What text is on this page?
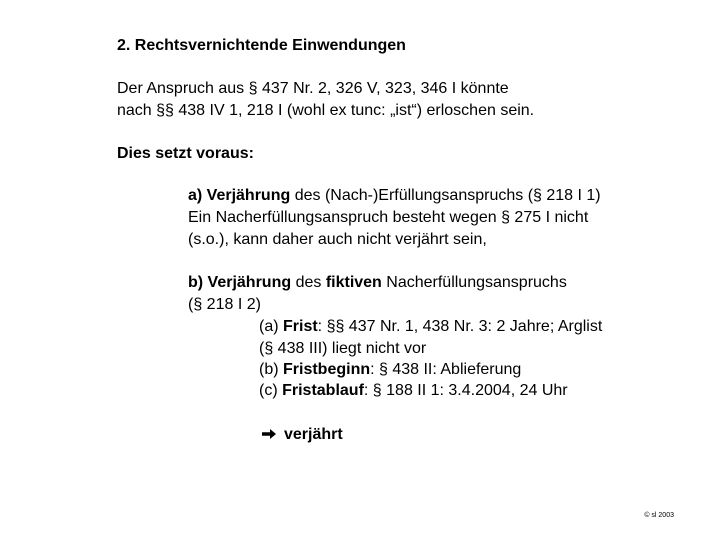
2. Rechtsvernichtende Einwendungen
Der Anspruch aus § 437 Nr. 2, 326 V, 323, 346 I könnte
nach §§ 438 IV 1, 218 I (wohl ex tunc: „ist“) erloschen sein.
Dies setzt voraus:
a) Verjährung des (Nach-)Erfüllungsanspruchs (§ 218 I 1)
Ein Nacherfüllungsanspruch besteht wegen § 275 I nicht
(s.o.), kann daher auch nicht verjährt sein,
b) Verjährung des fiktiven Nacherfüllungsanspruchs
(§ 218 I 2)
(a) Frist: §§ 437 Nr. 1, 438 Nr. 3: 2 Jahre; Arglist
(§ 438 III) liegt nicht vor
(b) Fristbeginn: § 438 II: Ablieferung
(c) Fristablauf: § 188 II 1: 3.4.2004, 24 Uhr
verjährt
© sl 2003
